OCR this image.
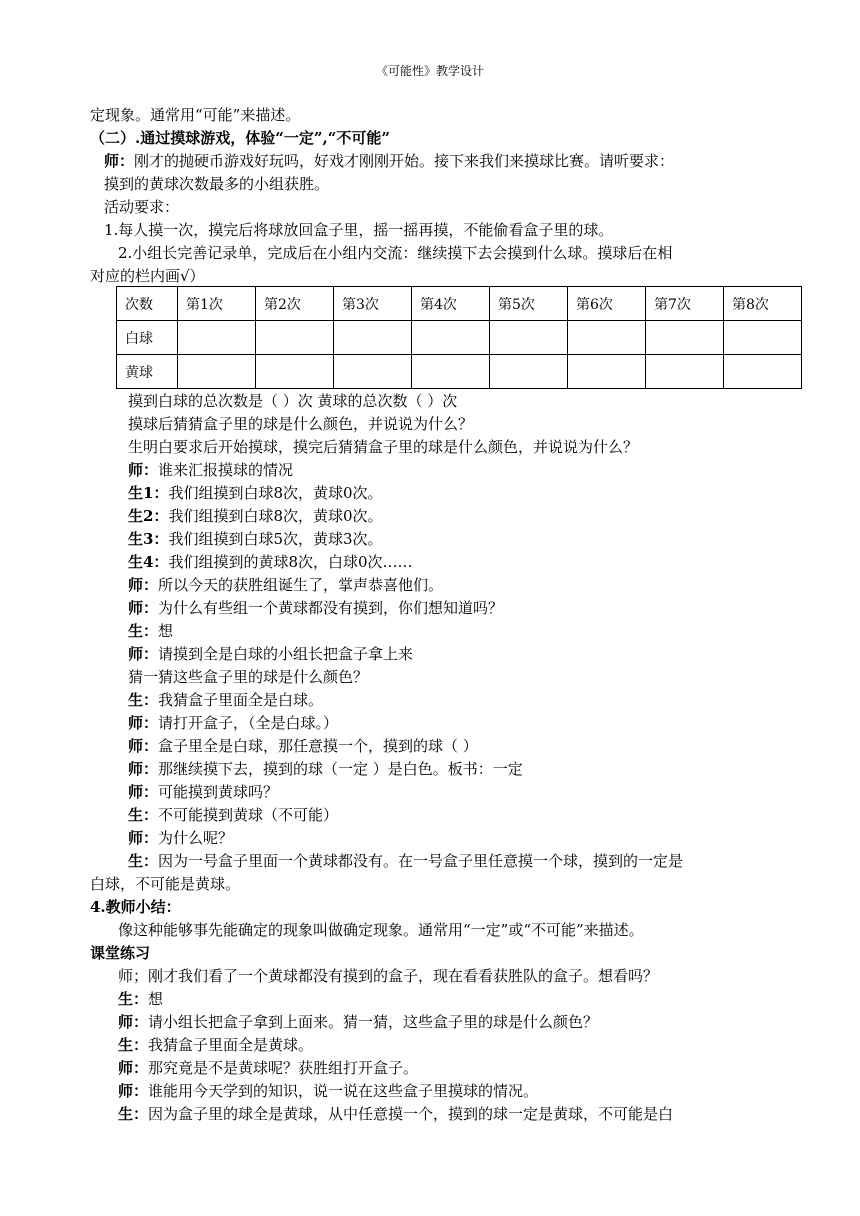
《可能性》教学设计
定现象。通常用“可能”来描述。
（二）.通过摸球游戏，体验“一定”,“不可能”
师：刚才的抛硬币游戏好玩吗，好戏才刚刚开始。接下来我们来摸球比赛。请听要求：
摸到的黄球次数最多的小组获胜。
活动要求：
1.每人摸一次，摸完后将球放回盒子里，摇一摇再摸，不能偷看盒子里的球。
2.小组长完善记录单，完成后在小组内交流：继续摸下去会摸到什么球。摸球后在相
对应的栏内画√）
摸到白球的总次数是（ ）次 黄球的总次数（ ）次
摸球后猜猜盒子里的球是什么颜色，并说说为什么？
生明白要求后开始摸球，摸完后猜猜盒子里的球是什么颜色，并说说为什么？
师：谁来汇报摸球的情况
生1：我们组摸到白球8次，黄球0次。
生2：我们组摸到白球8次，黄球0次。
生3：我们组摸到白球5次，黄球3次。
生4：我们组摸到的黄球8次，白球0次……
师：所以今天的获胜组诞生了，掌声恭喜他们。
师：为什么有些组一个黄球都没有摸到，你们想知道吗？
生：想
师：请摸到全是白球的小组长把盒子拿上来
猜一猜这些盒子里的球是什么颜色？
生：我猜盒子里面全是白球。
师：请打开盒子，（全是白球。）
师：盒子里全是白球，那任意摸一个，摸到的球（ ）
师：那继续摸下去，摸到的球（一定 ）是白色。板书：一定
师：可能摸到黄球吗？
生：不可能摸到黄球（不可能）
师：为什么呢？
生：因为一号盒子里面一个黄球都没有。在一号盒子里任意摸一个球，摸到的一定是
白球，不可能是黄球。
4.教师小结：
像这种能够事先能确定的现象叫做确定现象。通常用“一定”或“不可能”来描述。
课堂练习
师；刚才我们看了一个黄球都没有摸到的盒子，现在看看获胜队的盒子。想看吗？
生：想
师：请小组长把盒子拿到上面来。猜一猜，这些盒子里的球是什么颜色？
生：我猜盒子里面全是黄球。
师：那究竟是不是黄球呢？获胜组打开盒子。
师：谁能用今天学到的知识，说一说在这些盒子里摸球的情况。
生：因为盒子里的球全是黄球，从中任意摸一个，摸到的球一定是黄球，不可能是白
次数	第1次	第2次	第3次	第4次	第5次	第6次	第7次	第8次
白球								
黄球								
